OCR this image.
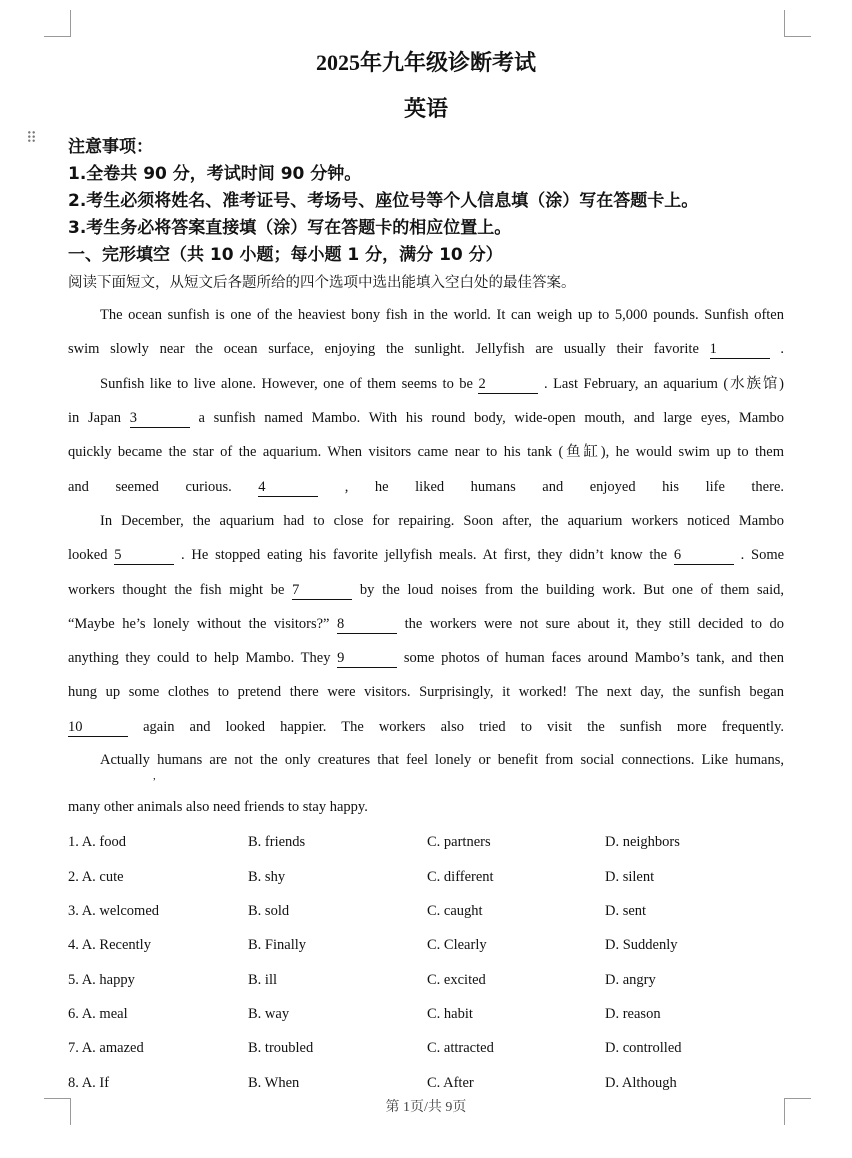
2025年九年级诊断考试
英语
⠿ 注意事项：
1.全卷共 90 分，考试时间 90 分钟。
2.考生必须将姓名、准考证号、考场号、座位号等个人信息填（涂）写在答题卡上。
3.考生务必将答案直接填（涂）写在答题卡的相应位置上。
一、完形填空（共 10 小题；每小题 1 分，满分 10 分）
阅读下面短文，从短文后各题所给的四个选项中选出能填入空白处的最佳答案。
The ocean sunfish is one of the heaviest bony fish in the world. It can weigh up to 5,000 pounds. Sunfish often
swim slowly near the ocean surface, enjoying the sunlight. Jellyfish are usually their favorite 1	.
Sunfish like to live alone. However, one of them seems to be 2	. Last February, an aquarium (水族馆)
in Japan 3	a sunfish named Mambo. With his round body, wide-open mouth, and large eyes, Mambo
quickly became the star of the aquarium. When visitors came near to his tank (鱼缸), he would swim up to them
and seemed curious. 4	, he liked humans and enjoyed his life there.
In December, the aquarium had to close for repairing. Soon after, the aquarium workers noticed Mambo
looked 5	. He stopped eating his favorite jellyfish meals. At first, they didn’t know the 6	. Some
workers thought the fish might be 7	by the loud noises from the building work. But one of them said,
“Maybe he’s lonely without the visitors?” 8	the workers were not sure about it, they still decided to do
anything they could to help Mambo. They 9	some photos of human faces around Mambo’s tank, and then
hung up some clothes to pretend there were visitors. Surprisingly, it worked! The next day, the sunfish began
10	again and looked happier. The workers also tried to visit the sunfish more frequently.
Actually humans are not the only creatures that feel lonely or benefit from social connections. Like humans,
many other animals also need friends to stay happy.
,
1. A. food	B. friends	C. partners	D. neighbors
2. A. cute	B. shy	C. different	D. silent
3. A. welcomed	B. sold	C. caught	D. sent
4. A. Recently	B. Finally	C. Clearly	D. Suddenly
5. A. happy	B. ill	C. excited	D. angry
6. A. meal	B. way	C. habit	D. reason
7. A. amazed	B. troubled	C. attracted	D. controlled
8. A. If	B. When	C. After	D. Although
第 1页/共 9页
